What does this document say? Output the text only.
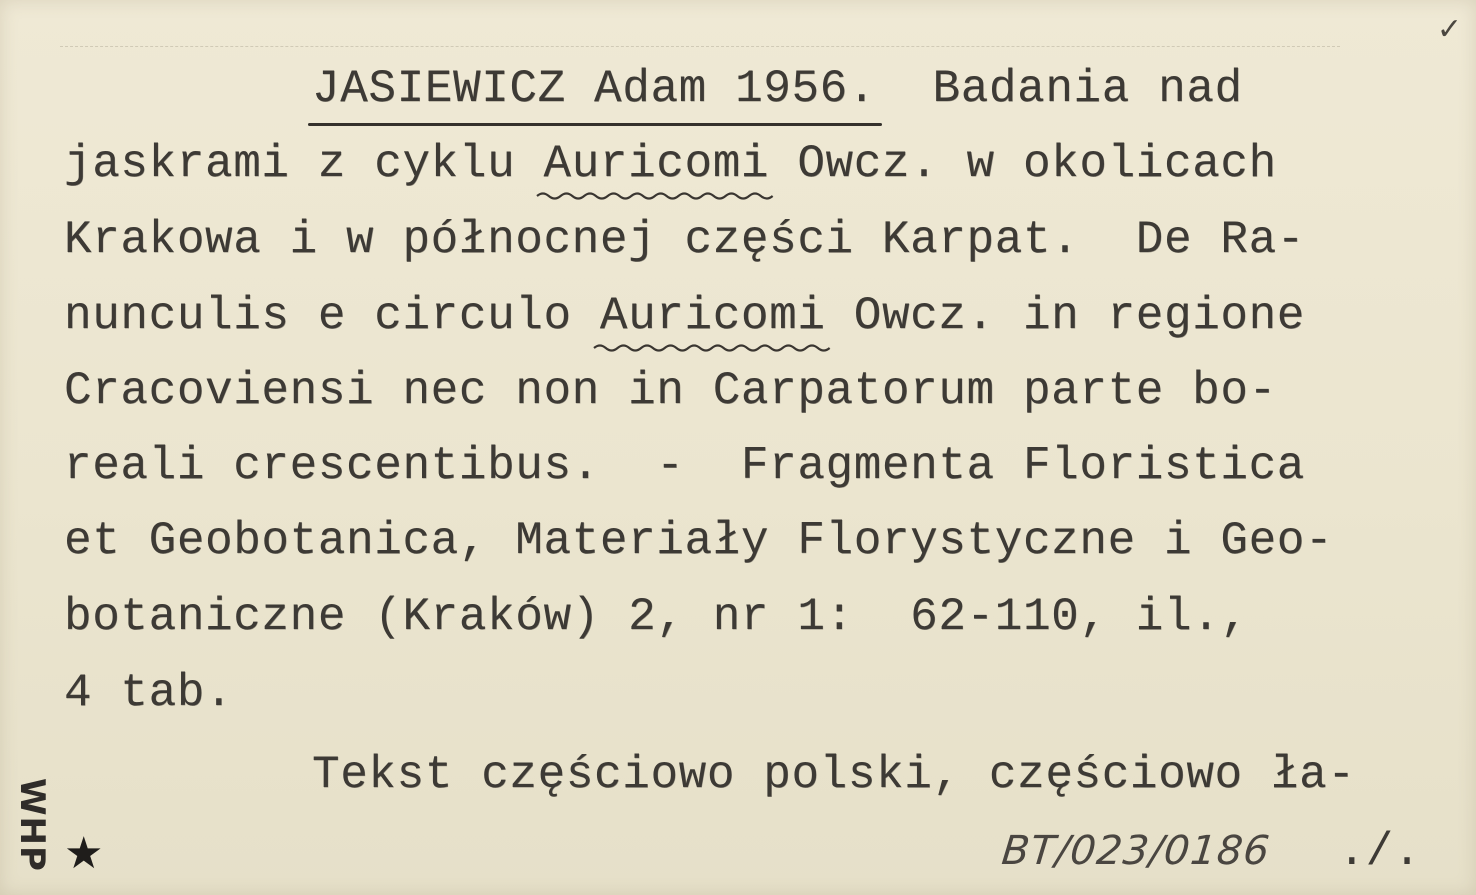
✓
JASIEWICZ Adam 1956.  Badania nad
jaskrami z cyklu Auricomi
Owcz. w okolicach
Krakowa i w północnej części Karpat.  De Ra-
nunculis e circulo Auricomi
Owcz. in regione
Cracoviensi nec non in Carpatorum parte bo-
reali crescentibus.  -  Fragmenta Floristica
et Geobotanica, Materiały Florystyczne i Geo-
botaniczne (Kraków) 2, nr 1:  62-110, il.,
4 tab.
Tekst częściowo polski, częściowo ła-
WHP ★	BT/023/0186 ./.
